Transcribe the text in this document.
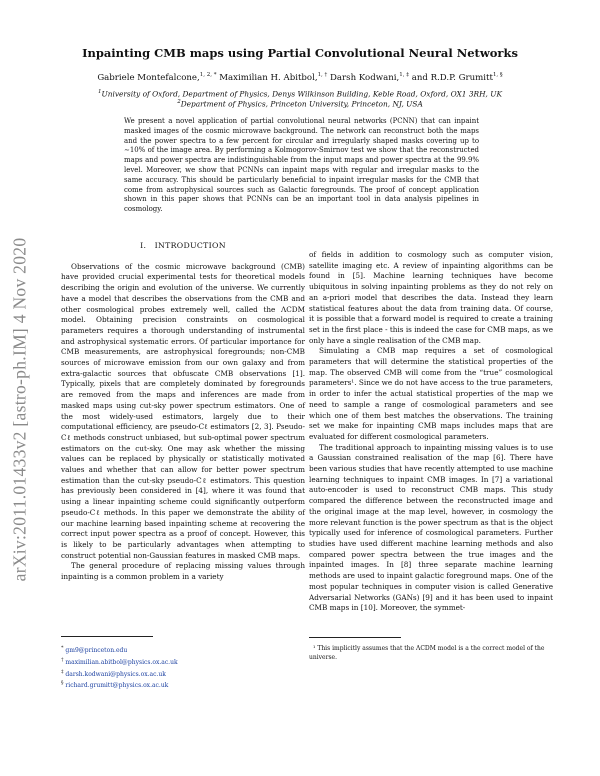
arXiv:2011.01433v2 [astro-ph.IM] 4 Nov 2020
Inpainting CMB maps using Partial Convolutional Neural Networks
Gabriele Montefalcone,$^{1, 2, *}$ Maximilian H. Abitbol,$^{1, \dagger}$ Darsh Kodwani,$^{1, \ddagger}$ and R.D.P. Grumitt$^{1, \S}$
$^1$University of Oxford, Department of Physics, Denys Wilkinson Building, Keble Road, Oxford, OX1 3RH, UK
$^2$Department of Physics, Princeton University, Princeton, NJ, USA
We present a novel application of partial convolutional neural networks (PCNN) that can inpaint masked images of the cosmic microwave background. The network can reconstruct both the maps and the power spectra to a few percent for circular and irregularly shaped masks covering up to ∼10% of the image area. By performing a Kolmogorov-Smirnov test we show that the reconstructed maps and power spectra are indistinguishable from the input maps and power spectra at the 99.9% level. Moreover, we show that PCNNs can inpaint maps with regular and irregular masks to the same accuracy. This should be particularly beneficial to inpaint irregular masks for the CMB that come from astrophysical sources such as Galactic foregrounds. The proof of concept application shown in this paper shows that PCNNs can be an important tool in data analysis pipelines in cosmology.
I. INTRODUCTION

Observations of the cosmic microwave background (CMB) have provided crucial experimental tests for theoretical models describing the origin and evolution of the universe. We currently have a model that describes the observations from the CMB and other cosmological probes extremely well, called the ΛCDM model. Obtaining precision constraints on cosmological parameters requires a thorough understanding of instrumental and astrophysical systematic errors. Of particular importance for CMB measurements, are astrophysical foregrounds; non-CMB sources of microwave emission from our own galaxy and from extra-galactic sources that obfuscate CMB observations [1]. Typically, pixels that are completely dominated by foregrounds are removed from the maps and inferences are made from masked maps using cut-sky power spectrum estimators. One of the most widely-used estimators, largely due to their computational efficiency, are pseudo-Cℓ estimators [2, 3]. Pseudo-Cℓ methods construct unbiased, but sub-optimal power spectrum estimators on the cut-sky. One may ask whether the missing values can be replaced by physically or statistically motivated values and whether that can allow for better power spectrum estimation than the cut-sky pseudo-Cℓ estimators. This question has previously been considered in [4], where it was found that using a linear inpainting scheme could significantly outperform pseudo-Cℓ methods. In this paper we demonstrate the ability of our machine learning based inpainting scheme at recovering the correct input power spectra as a proof of concept. However, this is likely to be particularly advantages when attempting to construct potential non-Gaussian features in masked CMB maps.

The general procedure of replacing missing values through inpainting is a common problem in a variety

of fields in addition to cosmology such as computer vision, satellite imaging etc. A review of inpainting algorithms can be found in [5]. Machine learning techniques have become ubiquitous in solving inpainting problems as they do not rely on an a-priori model that describes the data. Instead they learn statistical features about the data from training data. Of course, it is possible that a forward model is required to create a training set in the first place - this is indeed the case for CMB maps, as we only have a single realisation of the CMB map.

Simulating a CMB map requires a set of cosmological parameters that will determine the statistical properties of the map. The observed CMB will come from the “true” cosmological parameters¹. Since we do not have access to the true parameters, in order to infer the actual statistical properties of the map we need to sample a range of cosmological parameters and see which one of them best matches the observations. The training set we make for inpainting CMB maps includes maps that are evaluated for different cosmological parameters.

The traditional approach to inpainting missing values is to use a Gaussian constrained realisation of the map [6]. There have been various studies that have recently attempted to use machine learning techniques to inpaint CMB images. In [7] a variational auto-encoder is used to reconstruct CMB maps. This study compared the difference between the reconstructed image and the original image at the map level, however, in cosmology the more relevant function is the power spectrum as that is the object typically used for inference of cosmological parameters. Further studies have used different machine learning methods and also compared power spectra between the true images and the inpainted images. In [8] three separate machine learning methods are used to inpaint galactic foreground maps. One of the most popular techniques in computer vision is called Generative Adversarial Networks (GANs) [9] and it has been used to inpaint CMB maps in [10]. Moreover, the symmet-

* gm9@princeton.edu
† maximilian.abitbol@physics.ox.ac.uk
‡ darsh.kodwani@physics.ox.ac.uk
§ richard.grumitt@physics.ox.ac.uk

¹ This implicitly assumes that the ΛCDM model is a the correct model of the universe.
